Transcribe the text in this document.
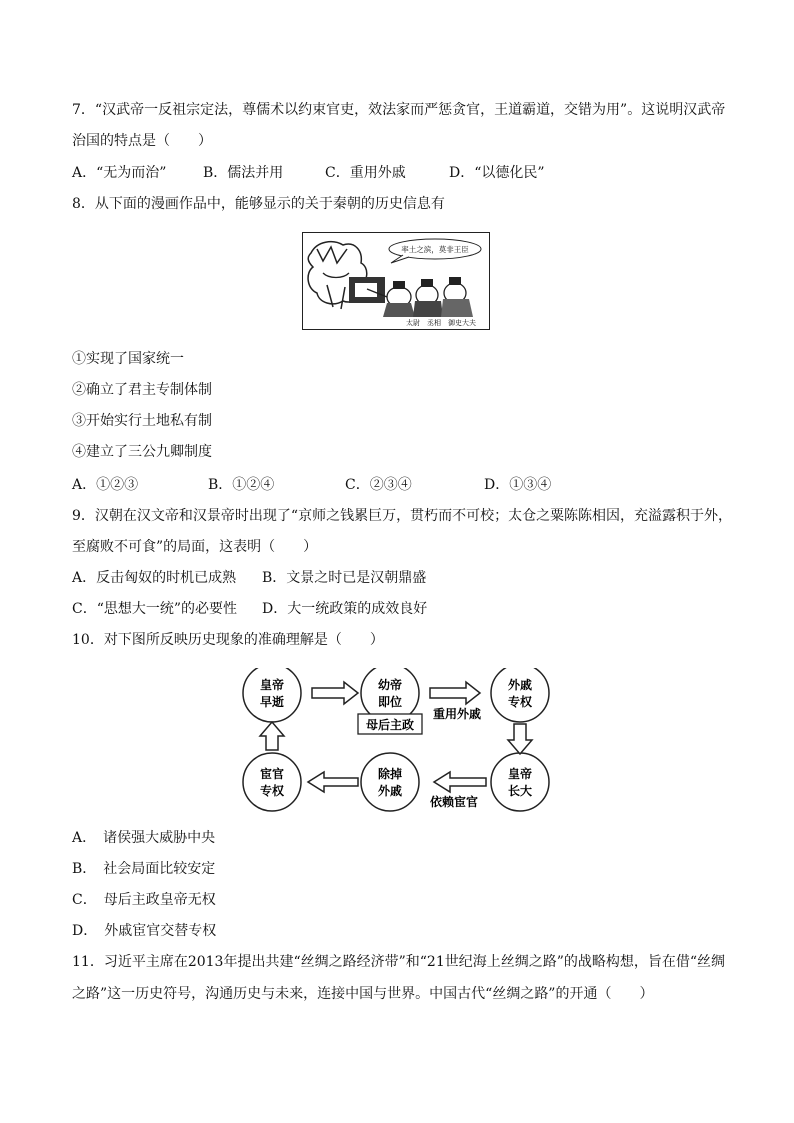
7．“汉武帝一反祖宗定法，尊儒术以约束官吏，效法家而严惩贪官，王道霸道，交错为用”。这说明汉武帝
治国的特点是（　　）
A．“无为而治”	B．儒法并用	C．重用外戚	D．“以德化民”
8．从下面的漫画作品中，能够显示的关于秦朝的历史信息有
率土之滨，莫非王臣
太尉　丞相　御史大夫
①实现了国家统一
②确立了君主专制体制
③开始实行土地私有制
④建立了三公九卿制度
A．①②③	B．①②④	C．②③④	D．①③④
9．汉朝在汉文帝和汉景帝时出现了“京师之钱累巨万，贯朽而不可校；太仓之粟陈陈相因，充溢露积于外，
至腐败不可食”的局面，这表明（　　）
A．反击匈奴的时机已成熟 B．文景之时已是汉朝鼎盛
C．“思想大一统”的必要性 D．大一统政策的成效良好
10．对下图所反映历史现象的准确理解是（　　）
皇帝
早逝
幼帝
即位
外戚
专权
皇帝
长大
除掉
外戚
宦官
专权
母后主政
重用外戚
依赖宦官
A．　诸侯强大威胁中央
B．　社会局面比较安定
C．　母后主政皇帝无权
D．　外戚宦官交替专权
11．习近平主席在2013年提出共建“丝绸之路经济带”和“21世纪海上丝绸之路”的战略构想，旨在借“丝绸
之路”这一历史符号，沟通历史与未来，连接中国与世界。中国古代“丝绸之路”的开通（　　）
